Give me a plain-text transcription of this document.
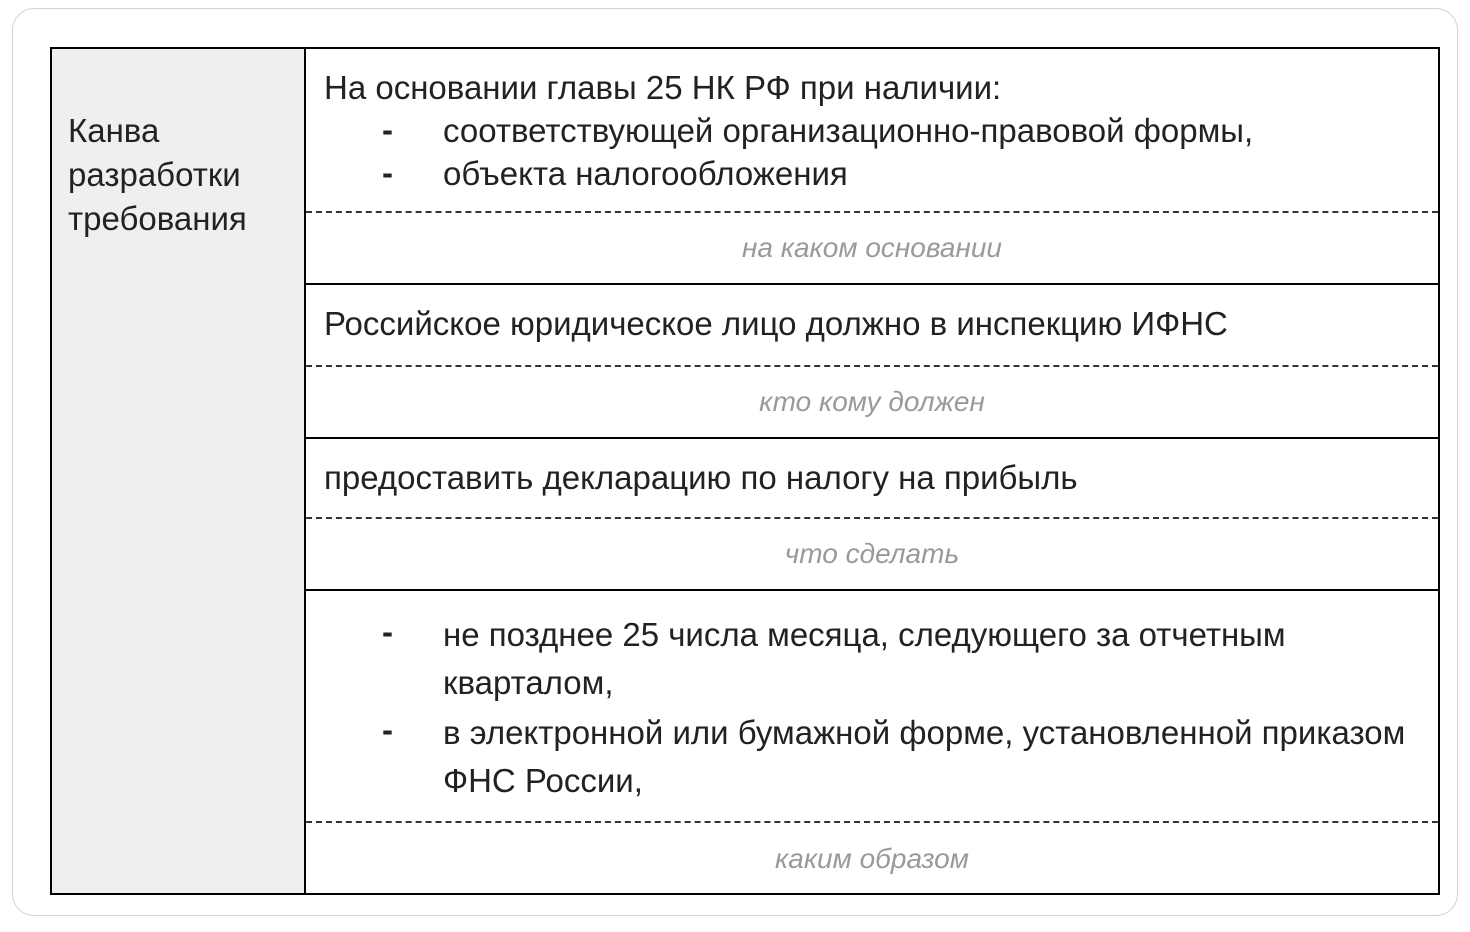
Канва
разработки
требования
На основании главы 25 НК РФ при наличии:
- соответствующей организационно-правовой формы,
- объекта налогообложения
на каком основании
Российское юридическое лицо должно в инспекцию ИФНС
кто кому должен
предоставить декларацию по налогу на прибыль
что сделать
- не позднее 25 числа месяца, следующего за отчетным кварталом,
- в электронной или бумажной форме, установленной приказом ФНС России,
каким образом
